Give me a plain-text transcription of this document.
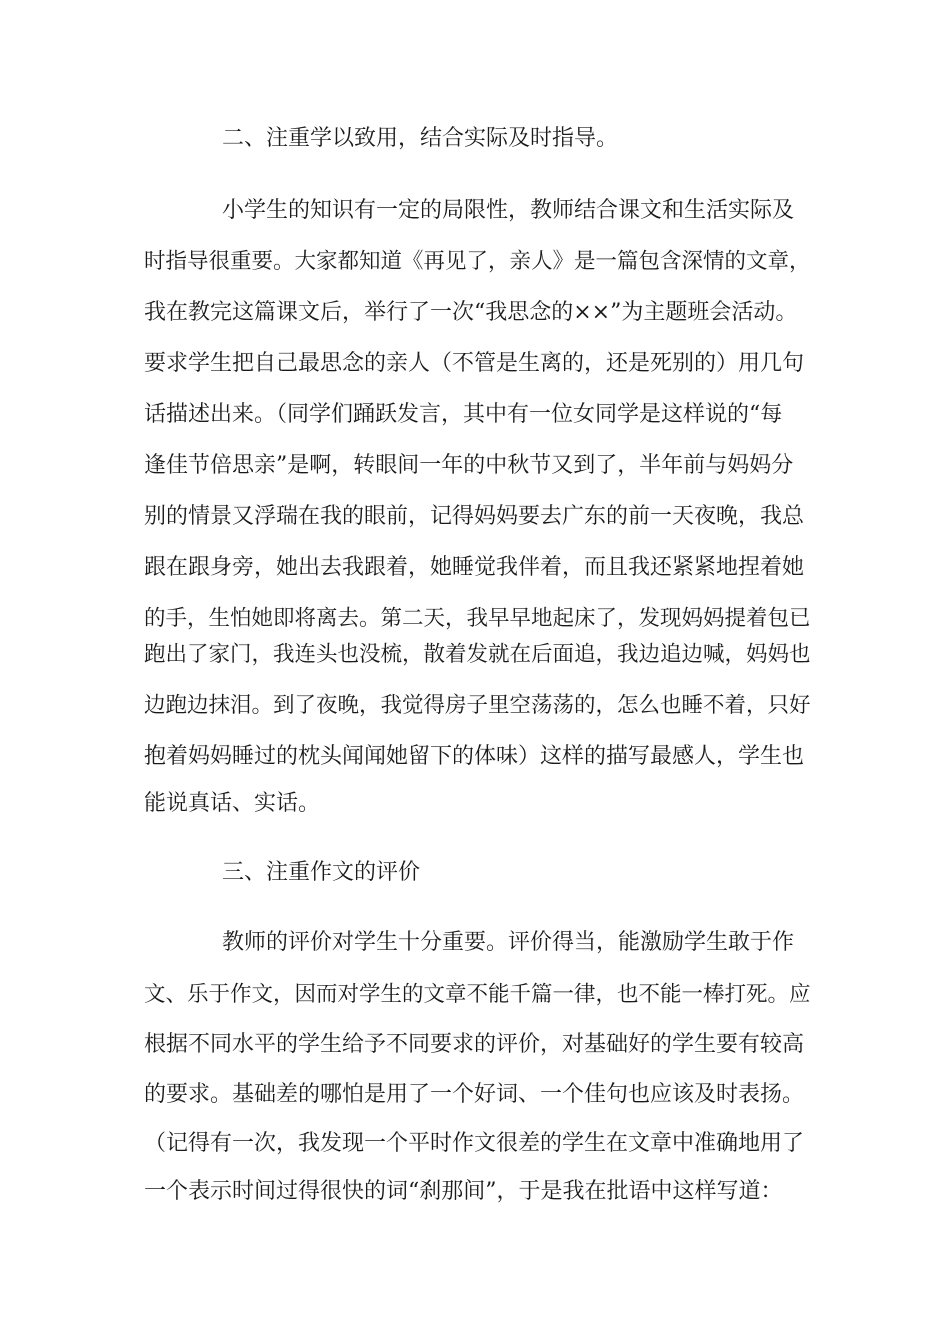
二、注重学以致用，结合实际及时指导。
小学生的知识有一定的局限性，教师结合课文和生活实际及
时指导很重要。大家都知道《再见了，亲人》是一篇包含深情的文章，
我在教完这篇课文后，举行了一次“我思念的××”为主题班会活动。
要求学生把自己最思念的亲人（不管是生离的，还是死别的）用几句
话描述出来。（同学们踊跃发言，其中有一位女同学是这样说的“每
逢佳节倍思亲”是啊，转眼间一年的中秋节又到了，半年前与妈妈分
别的情景又浮瑞在我的眼前，记得妈妈要去广东的前一天夜晚，我总
跟在跟身旁，她出去我跟着，她睡觉我伴着，而且我还紧紧地捏着她
的手，生怕她即将离去。第二天，我早早地起床了，发现妈妈提着包已
跑出了家门，我连头也没梳，散着发就在后面追，我边追边喊，妈妈也
边跑边抹泪。到了夜晚，我觉得房子里空荡荡的，怎么也睡不着，只好
抱着妈妈睡过的枕头闻闻她留下的体味）这样的描写最感人，学生也
能说真话、实话。
三、注重作文的评价
教师的评价对学生十分重要。评价得当，能激励学生敢于作
文、乐于作文，因而对学生的文章不能千篇一律，也不能一棒打死。应
根据不同水平的学生给予不同要求的评价，对基础好的学生要有较高
的要求。基础差的哪怕是用了一个好词、一个佳句也应该及时表扬。
（记得有一次，我发现一个平时作文很差的学生在文章中准确地用了
一个表示时间过得很快的词“刹那间”，于是我在批语中这样写道：
